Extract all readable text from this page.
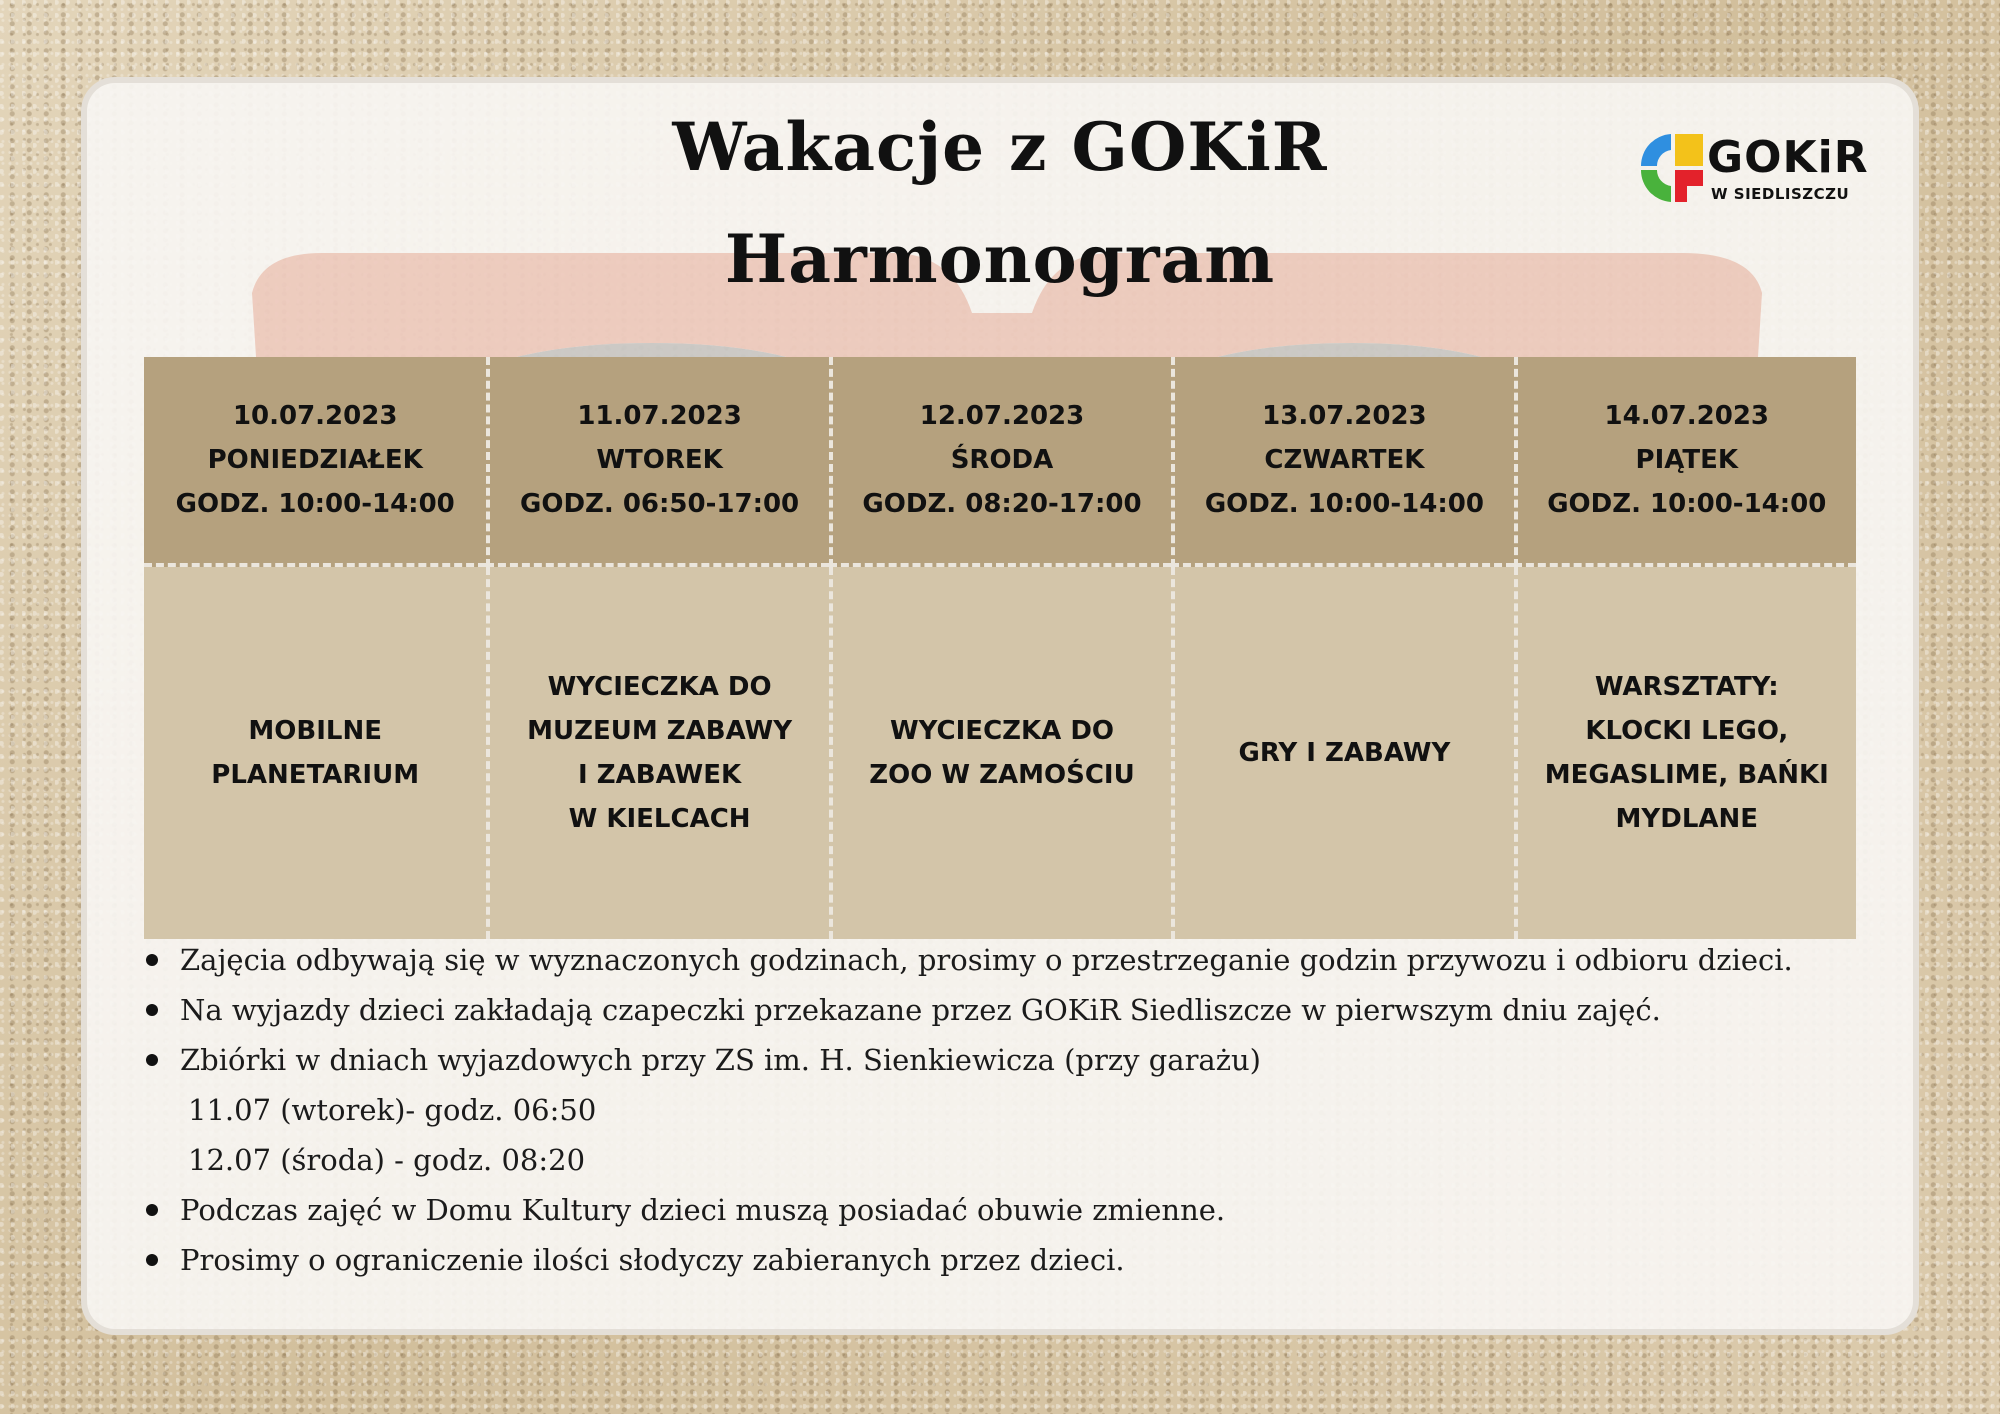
Wakacje z GOKiR
Harmonogram
GOKiR
W SIEDLISZCZU
10.07.2023
PONIEDZIAŁEK
GODZ. 10:00-14:00
11.07.2023
WTOREK
GODZ. 06:50-17:00
12.07.2023
ŚRODA
GODZ. 08:20-17:00
13.07.2023
CZWARTEK
GODZ. 10:00-14:00
14.07.2023
PIĄTEK
GODZ. 10:00-14:00
MOBILNE
PLANETARIUM
WYCIECZKA DO
MUZEUM ZABAWY
I ZABAWEK
W KIELCACH
WYCIECZKA DO
ZOO W ZAMOŚCIU
GRY I ZABAWY
WARSZTATY:
KLOCKI LEGO,
MEGASLIME, BAŃKI
MYDLANE
Zajęcia odbywają się w wyznaczonych godzinach, prosimy o przestrzeganie godzin przywozu i odbioru dzieci.
Na wyjazdy dzieci zakładają czapeczki przekazane przez GOKiR Siedliszcze w pierwszym dniu zajęć.
Zbiórki w dniach wyjazdowych przy ZS im. H. Sienkiewicza (przy garażu)
11.07 (wtorek)- godz. 06:50
12.07 (środa) - godz. 08:20
Podczas zajęć w Domu Kultury dzieci muszą posiadać obuwie zmienne.
Prosimy o ograniczenie ilości słodyczy zabieranych przez dzieci.
